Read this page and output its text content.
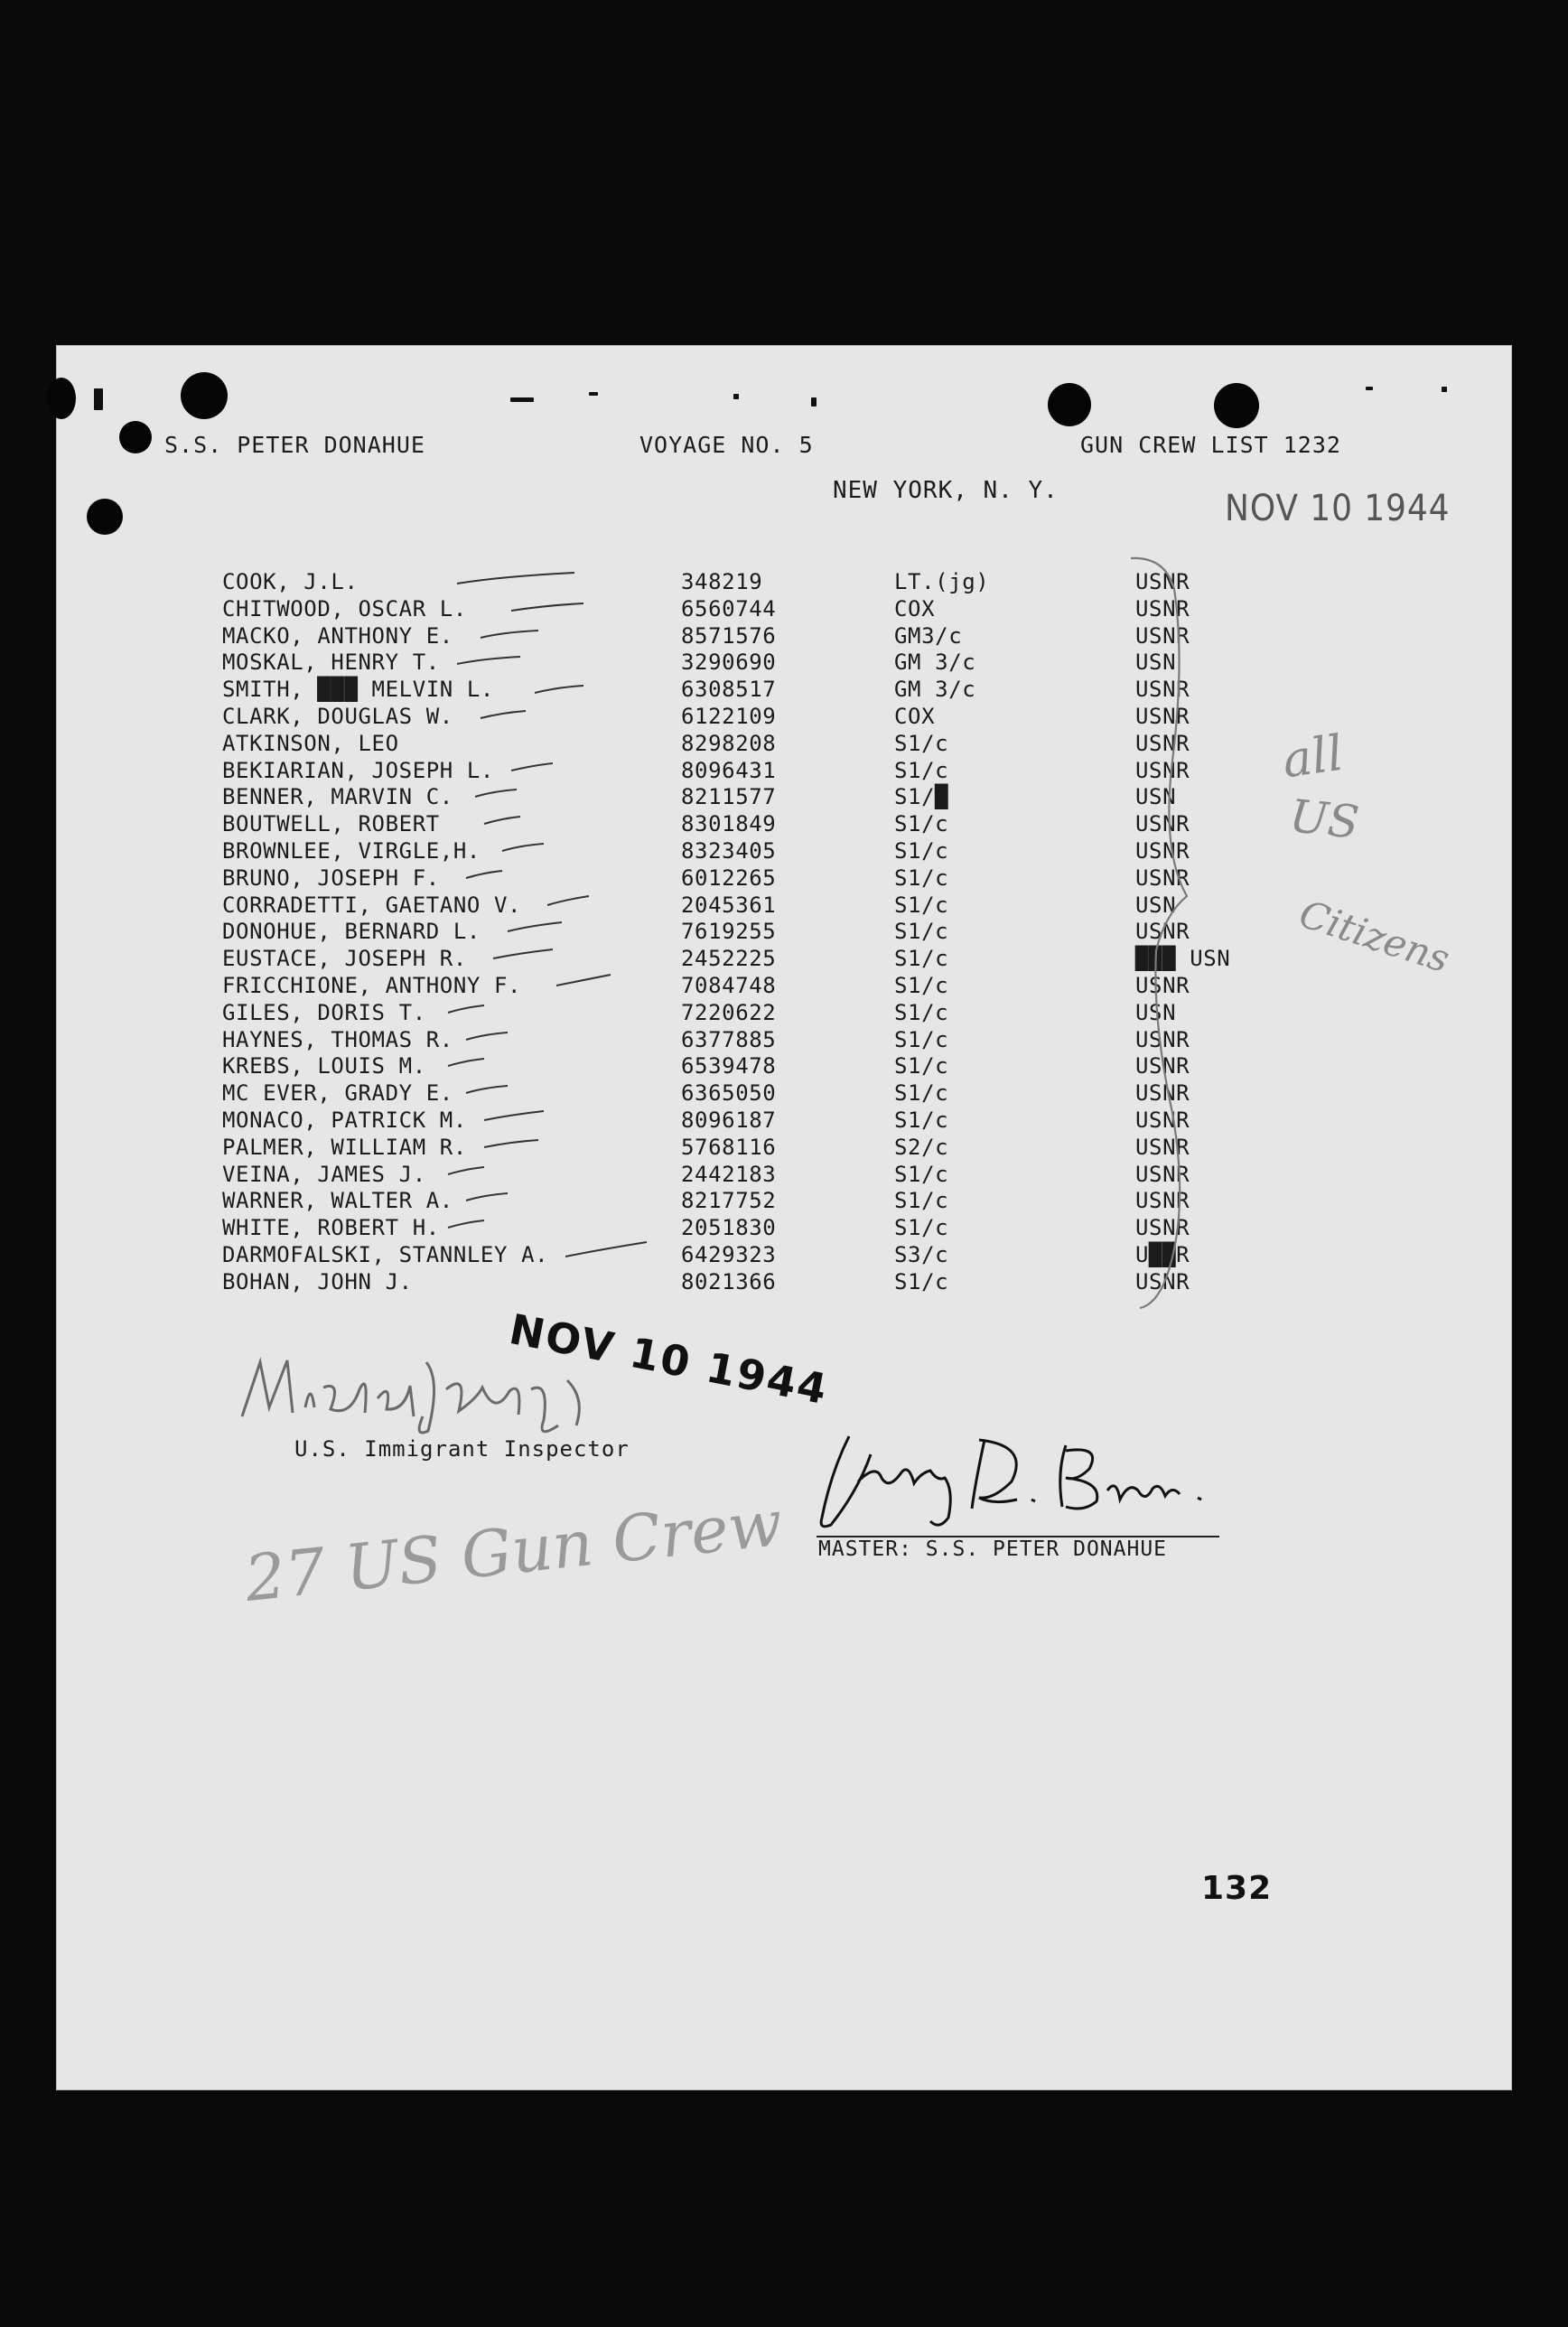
S.S. PETER DONAHUE	VOYAGE NO. 5	GUN CREW LIST 1232
NEW YORK, N. Y.	NOV 10 1944
COOK, J.L.	348219	LT.(jg)	USNR
CHITWOOD, OSCAR L.	6560744	COX	USNR
MACKO, ANTHONY E.	8571576	GM3/c	USNR
MOSKAL, HENRY T.	3290690	GM 3/c	USN
SMITH, ███ MELVIN L.	6308517	GM 3/c	USNR
CLARK, DOUGLAS W.	6122109	COX	USNR
ATKINSON, LEO	8298208	S1/c	USNR
BEKIARIAN, JOSEPH L.	8096431	S1/c	USNR
BENNER, MARVIN C.	8211577	S1/█	USN
BOUTWELL, ROBERT	8301849	S1/c	USNR
BROWNLEE, VIRGLE,H.	8323405	S1/c	USNR
BRUNO, JOSEPH F.	6012265	S1/c	USNR
CORRADETTI, GAETANO V.	2045361	S1/c	USN
DONOHUE, BERNARD L.	7619255	S1/c	USNR
EUSTACE, JOSEPH R.	2452225	S1/c	███ USN
FRICCHIONE, ANTHONY F.	7084748	S1/c	USNR
GILES, DORIS T.	7220622	S1/c	USN
HAYNES, THOMAS R.	6377885	S1/c	USNR
KREBS, LOUIS M.	6539478	S1/c	USNR
MC EVER, GRADY E.	6365050	S1/c	USNR
MONACO, PATRICK M.	8096187	S1/c	USNR
PALMER, WILLIAM R.	5768116	S2/c	USNR
VEINA, JAMES J.	2442183	S1/c	USNR
WARNER, WALTER A.	8217752	S1/c	USNR
WHITE, ROBERT H.	2051830	S1/c	USNR
DARMOFALSKI, STANNLEY A.	6429323	S3/c	U██R
BOHAN, JOHN J.	8021366	S1/c	USNR
all
US
Citizens
NOV 10 1944
U.S. Immigrant Inspector
27 US Gun Crew MASTER: S.S. PETER DONAHUE
132
